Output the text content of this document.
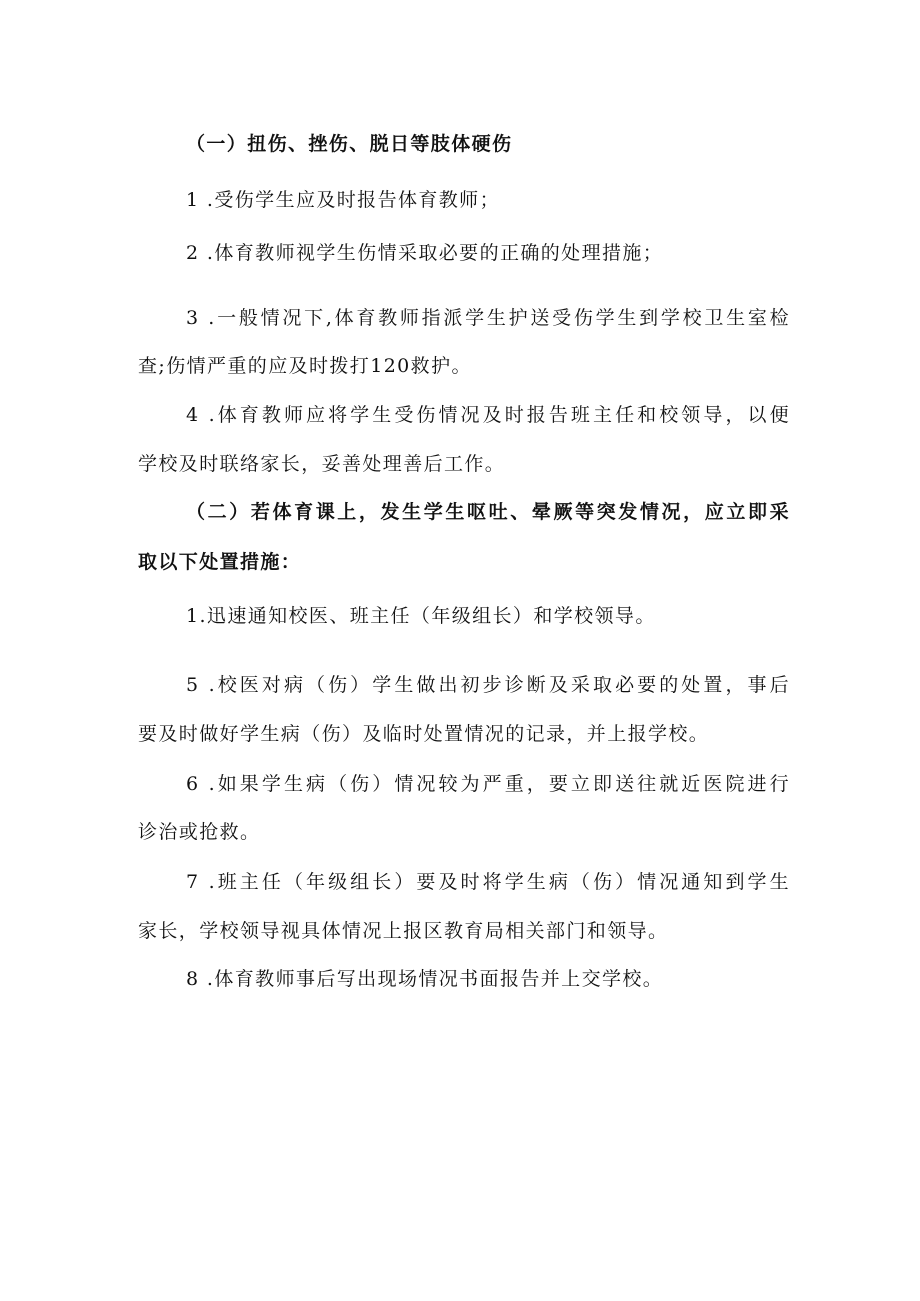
（一）扭伤、挫伤、脱日等肢体硬伤
1 .受伤学生应及时报告体育教师；
2 .体育教师视学生伤情采取必要的正确的处理措施；
3 .一般情况下,体育教师指派学生护送受伤学生到学校卫生室检
查;伤情严重的应及时拨打120救护。
4 .体育教师应将学生受伤情况及时报告班主任和校领导，以便
学校及时联络家长，妥善处理善后工作。
（二）若体育课上，发生学生呕吐、晕厥等突发情况，应立即采
取以下处置措施：
1.迅速通知校医、班主任（年级组长）和学校领导。
5 .校医对病（伤）学生做出初步诊断及采取必要的处置，事后
要及时做好学生病（伤）及临时处置情况的记录，并上报学校。
6 .如果学生病（伤）情况较为严重，要立即送往就近医院进行
诊治或抢救。
7 .班主任（年级组长）要及时将学生病（伤）情况通知到学生
家长，学校领导视具体情况上报区教育局相关部门和领导。
8 .体育教师事后写出现场情况书面报告并上交学校。
